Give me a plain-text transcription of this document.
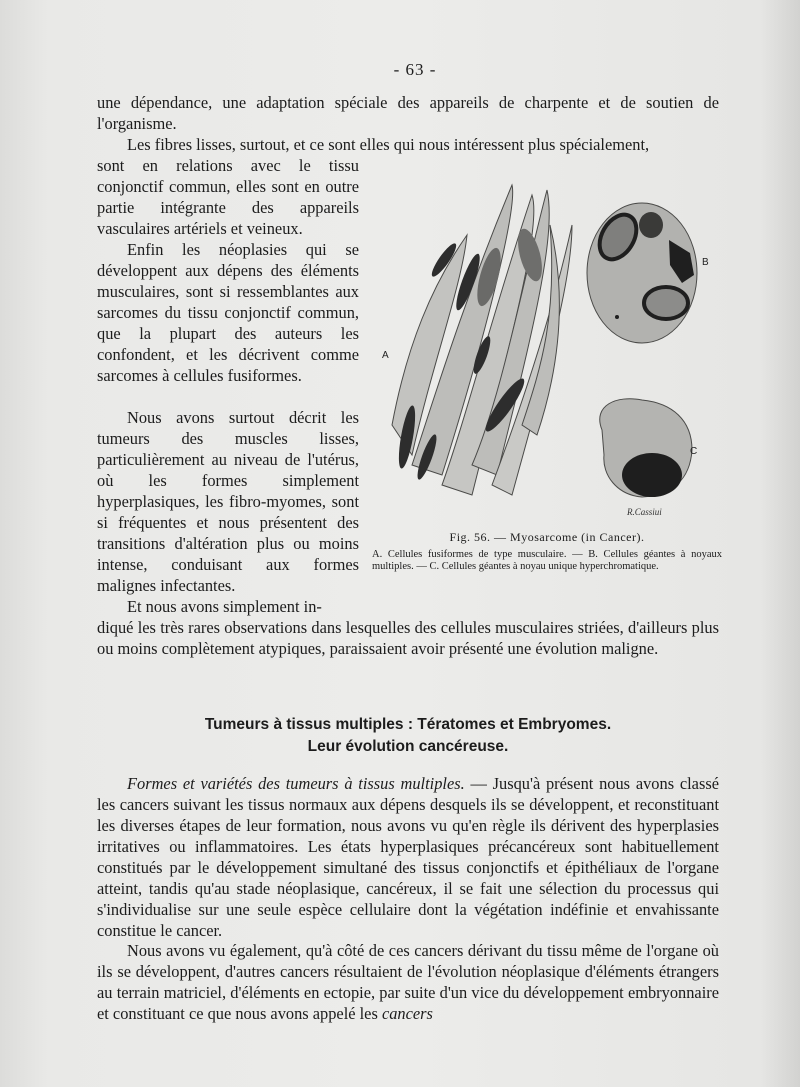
- 63 -

une dépendance, une adaptation spéciale des appareils de charpente et de soutien de l'organisme.

Les fibres lisses, surtout, et ce sont elles qui nous intéressent plus spécialement,

sont en relations avec le tissu conjonctif commun, elles sont en outre partie intégrante des appareils vasculaires artériels et veineux.

Enfin les néoplasies qui se développent aux dépens des éléments musculaires, sont si ressemblantes aux sarcomes du tissu conjonctif commun, que la plupart des auteurs les confondent, et les décrivent comme sarcomes à cellules fusiformes.

Nous avons surtout décrit les tumeurs des muscles lisses, particulièrement au niveau de l'utérus, où les formes simplement hyperplasiques, les fibro-myomes, sont si fréquentes et nous présentent des transitions d'altération plus ou moins intense, conduisant aux formes malignes infectantes.

Et nous avons simplement in-

diqué les très rares observations dans lesquelles des cellules musculaires striées, d'ailleurs plus ou moins complètement atypiques, paraissaient avoir présenté une évolution maligne.

A
B
C
R.Cassiui
Fig. 56. — Myosarcome (in Cancer).
A. Cellules fusiformes de type musculaire. — B. Cellules géantes à noyaux multiples. — C. Cellules géantes à noyau unique hyperchromatique.
Tumeurs à tissus multiples : Tératomes et Embryomes.
Leur évolution cancéreuse.

Formes et variétés des tumeurs à tissus multiples. — Jusqu'à présent nous avons classé les cancers suivant les tissus normaux aux dépens desquels ils se développent, et reconstituant les diverses étapes de leur formation, nous avons vu qu'en règle ils dérivent des hyperplasies irritatives ou inflammatoires. Les états hyperplasiques précancéreux sont habituellement constitués par le développement simultané des tissus conjonctifs et épithéliaux de l'organe atteint, tandis qu'au stade néoplasique, cancéreux, il se fait une sélection du processus qui s'individualise sur une seule espèce cellulaire dont la végétation indéfinie et envahissante constitue le cancer.

Nous avons vu également, qu'à côté de ces cancers dérivant du tissu même de l'organe où ils se développent, d'autres cancers résultaient de l'évolution néoplasique d'éléments étrangers au terrain matriciel, d'éléments en ectopie, par suite d'un vice du développement embryonnaire et constituant ce que nous avons appelé les cancers
